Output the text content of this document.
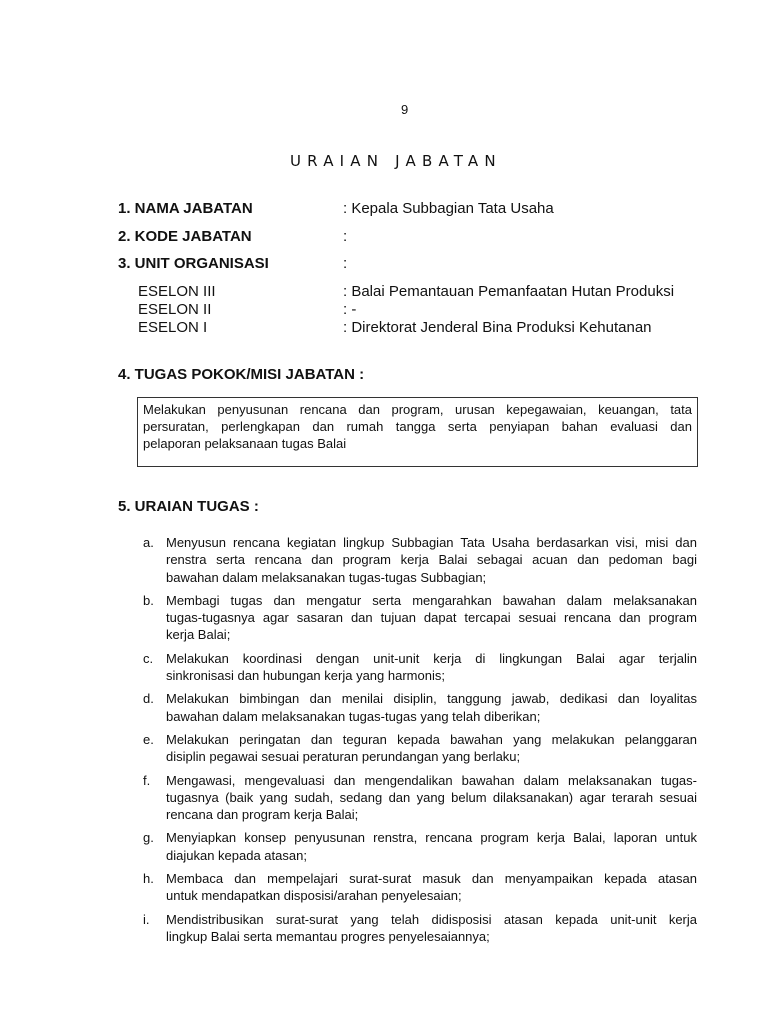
9
URAIAN JABATAN
1. NAMA JABATAN	: Kepala Subbagian Tata Usaha
2. KODE JABATAN	:
3. UNIT ORGANISASI	:
ESELON III	: Balai Pemantauan Pemanfaatan Hutan Produksi
ESELON II	: -
ESELON I	: Direktorat Jenderal Bina Produksi Kehutanan
4. TUGAS POKOK/MISI JABATAN :
Melakukan penyusunan rencana dan program, urusan kepegawaian, keuangan, tata
persuratan, perlengkapan dan rumah tangga serta penyiapan bahan evaluasi dan
pelaporan pelaksanaan tugas Balai
5. URAIAN TUGAS :
a. Menyusun rencana kegiatan lingkup Subbagian Tata Usaha berdasarkan visi, misi dan
renstra serta rencana dan program kerja Balai sebagai acuan dan pedoman bagi
bawahan dalam melaksanakan tugas-tugas Subbagian;
b. Membagi tugas dan mengatur serta mengarahkan bawahan dalam melaksanakan
tugas-tugasnya agar sasaran dan tujuan dapat tercapai sesuai rencana dan program
kerja Balai;
c. Melakukan koordinasi dengan unit-unit kerja di lingkungan Balai agar terjalin
sinkronisasi dan hubungan kerja yang harmonis;
d. Melakukan bimbingan dan menilai disiplin, tanggung jawab, dedikasi dan loyalitas
bawahan dalam melaksanakan tugas-tugas yang telah diberikan;
e. Melakukan peringatan dan teguran kepada bawahan yang melakukan pelanggaran
disiplin pegawai sesuai peraturan perundangan yang berlaku;
f. Mengawasi, mengevaluasi dan mengendalikan bawahan dalam melaksanakan tugas-
tugasnya (baik yang sudah, sedang dan yang belum dilaksanakan) agar terarah sesuai
rencana dan program kerja Balai;
g. Menyiapkan konsep penyusunan renstra, rencana program kerja Balai, laporan untuk
diajukan kepada atasan;
h. Membaca dan mempelajari surat-surat masuk dan menyampaikan kepada atasan
untuk mendapatkan disposisi/arahan penyelesaian;
i. Mendistribusikan surat-surat yang telah didisposisi atasan kepada unit-unit kerja
lingkup Balai serta memantau progres penyelesaiannya;
